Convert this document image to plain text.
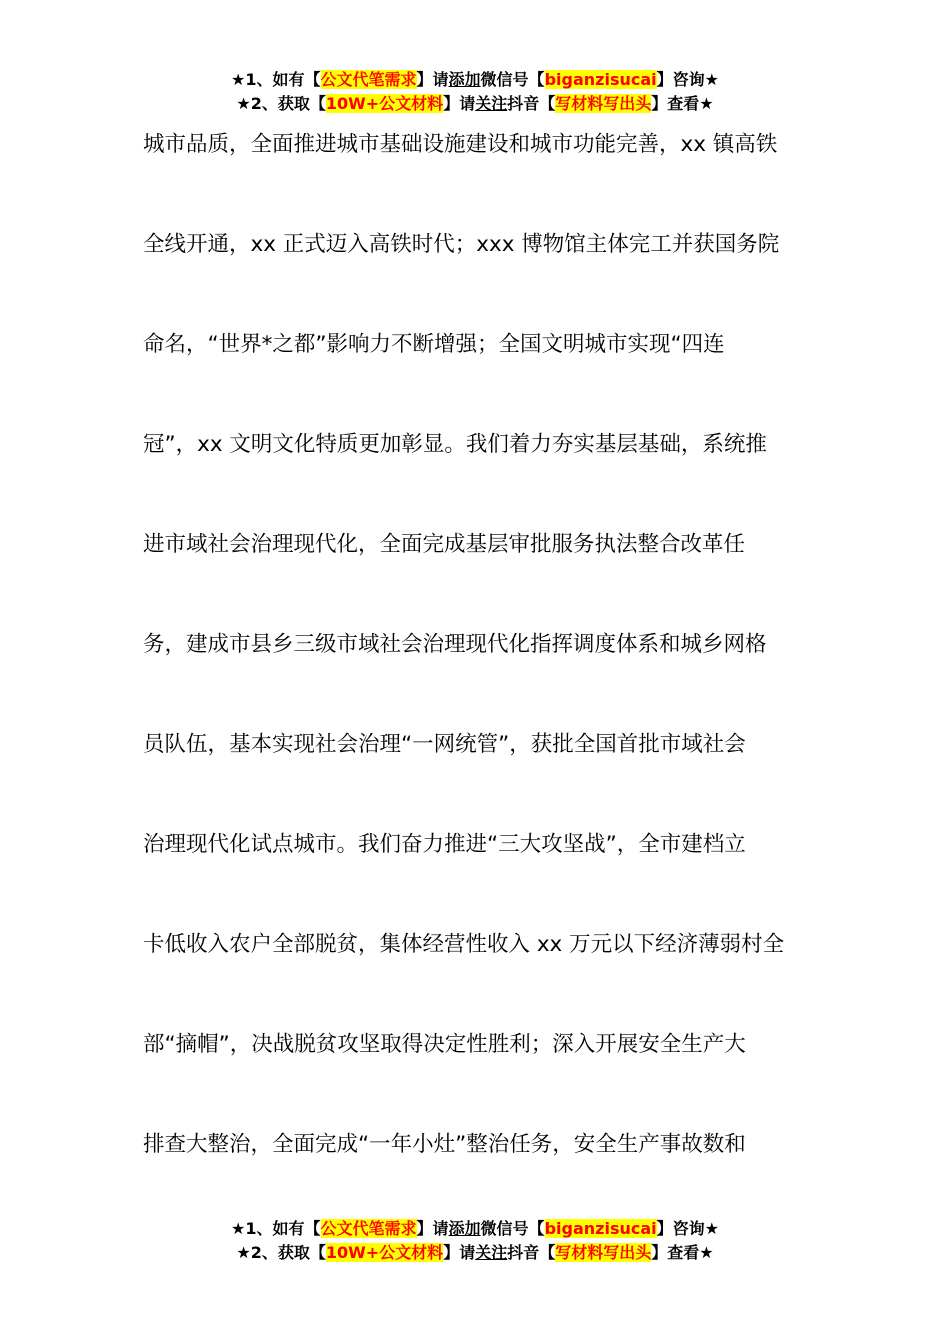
★1、如有【公文代笔需求】请添加微信号【biganzisucai】咨询★
★2、获取【10W+公文材料】请关注抖音【写材料写出头】查看★
城市品质，全面推进城市基础设施建设和城市功能完善，xx 镇高铁
全线开通，xx 正式迈入高铁时代；xxx 博物馆主体完工并获国务院
命名，“世界*之都”影响力不断增强；全国文明城市实现“四连
冠”，xx 文明文化特质更加彰显。我们着力夯实基层基础，系统推
进市域社会治理现代化，全面完成基层审批服务执法整合改革任
务，建成市县乡三级市域社会治理现代化指挥调度体系和城乡网格
员队伍，基本实现社会治理“一网统管”，获批全国首批市域社会
治理现代化试点城市。我们奋力推进“三大攻坚战”，全市建档立
卡低收入农户全部脱贫，集体经营性收入 xx 万元以下经济薄弱村全
部“摘帽”，决战脱贫攻坚取得决定性胜利；深入开展安全生产大
排查大整治，全面完成“一年小灶”整治任务，安全生产事故数和
★1、如有【公文代笔需求】请添加微信号【biganzisucai】咨询★
★2、获取【10W+公文材料】请关注抖音【写材料写出头】查看★
